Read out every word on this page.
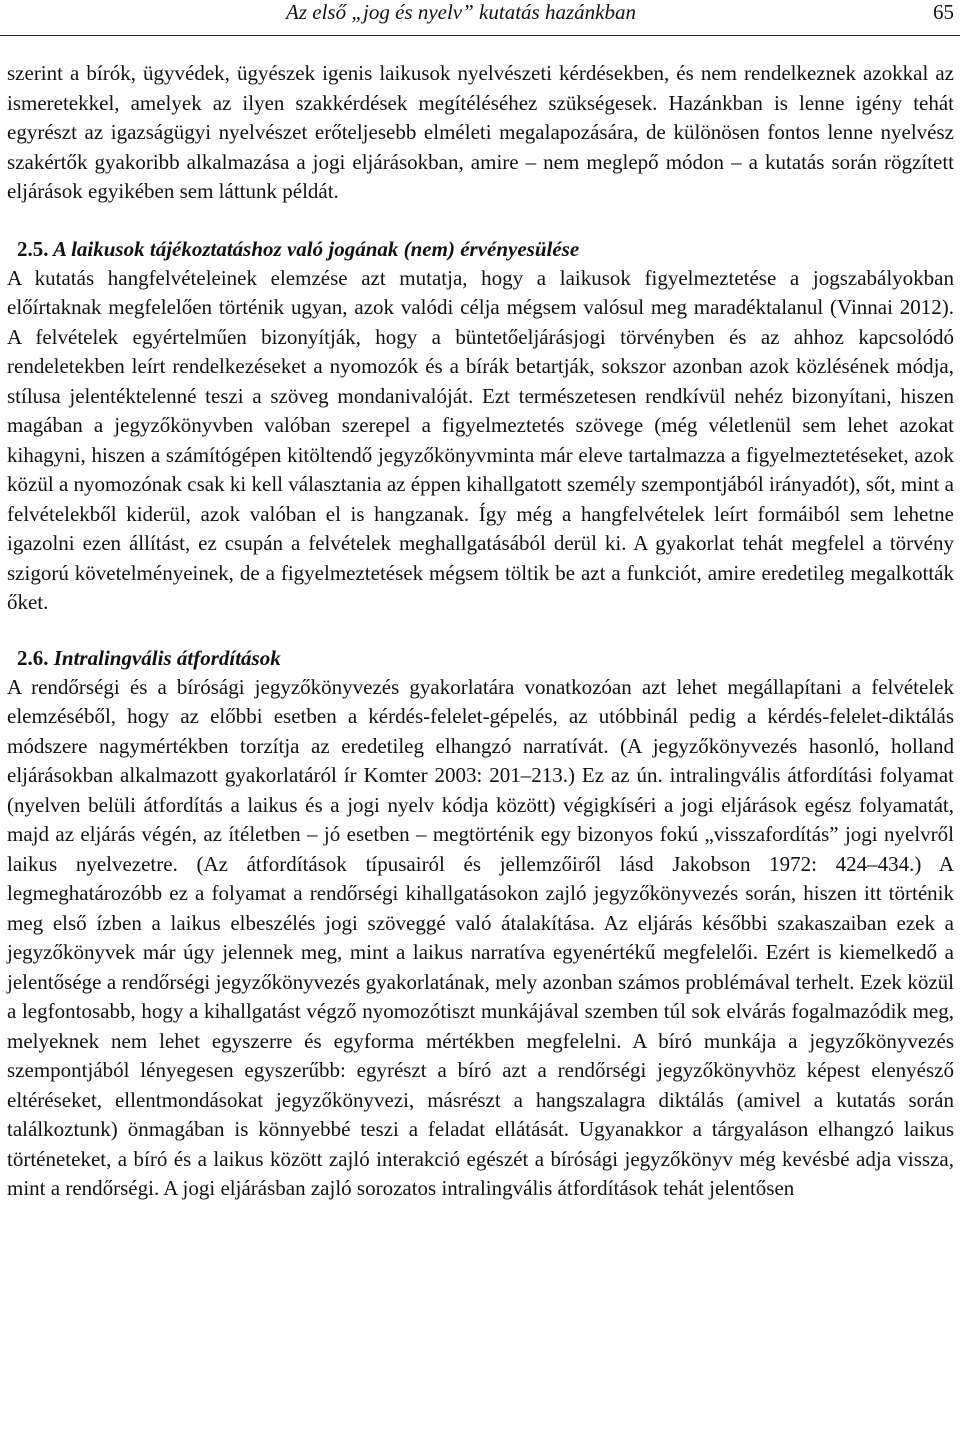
Az első „jog és nyelv” kutatás hazánkban	65

szerint a bírók, ügyvédek, ügyészek igenis laikusok nyelvészeti kérdésekben, és nem rendelkeznek azokkal az ismeretekkel, amelyek az ilyen szakkérdések megítéléséhez szükségesek. Hazánkban is lenne igény tehát egyrészt az igazságügyi nyelvészet erőteljesebb elméleti megalapozására, de különösen fontos lenne nyelvész szakértők gyakoribb alkalmazása a jogi eljárásokban, amire – nem meglepő módon – a kutatás során rögzített eljárások egyikében sem láttunk példát.

2.5. A laikusok tájékoztatáshoz való jogának (nem) érvényesülése

A kutatás hangfelvételeinek elemzése azt mutatja, hogy a laikusok figyelmeztetése a jogszabályokban előírtaknak megfelelően történik ugyan, azok valódi célja mégsem valósul meg maradéktalanul (Vinnai 2012). A felvételek egyértelműen bizonyítják, hogy a büntetőeljárásjogi törvényben és az ahhoz kapcsolódó rendeletekben leírt rendelkezéseket a nyomozók és a bírák betartják, sokszor azonban azok közlésének módja, stílusa jelentéktelenné teszi a szöveg mondanivalóját. Ezt természetesen rendkívül nehéz bizonyítani, hiszen magában a jegyzőkönyvben valóban szerepel a figyelmeztetés szövege (még véletlenül sem lehet azokat kihagyni, hiszen a számítógépen kitöltendő jegyzőkönyvminta már eleve tartalmazza a figyelmeztetéseket, azok közül a nyomozónak csak ki kell választania az éppen kihallgatott személy szempontjából irányadót), sőt, mint a felvételekből kiderül, azok valóban el is hangzanak. Így még a hangfelvételek leírt formáiból sem lehetne igazolni ezen állítást, ez csupán a felvételek meghallgatásából derül ki. A gyakorlat tehát megfelel a törvény szigorú követelményeinek, de a figyelmeztetések mégsem töltik be azt a funkciót, amire eredetileg megalkották őket.

2.6. Intralingvális átfordítások

A rendőrségi és a bírósági jegyzőkönyvezés gyakorlatára vonatkozóan azt lehet megállapítani a felvételek elemzéséből, hogy az előbbi esetben a kérdés-felelet-gépelés, az utóbbinál pedig a kérdés-felelet-diktálás módszere nagymértékben torzítja az eredetileg elhangzó narratívát. (A jegyzőkönyvezés hasonló, holland eljárásokban alkalmazott gyakorlatáról ír Komter 2003: 201–213.) Ez az ún. intralingvális átfordítási folyamat (nyelven belüli átfordítás a laikus és a jogi nyelv kódja között) végigkíséri a jogi eljárások egész folyamatát, majd az eljárás végén, az ítéletben – jó esetben – megtörténik egy bizonyos fokú „visszafordítás” jogi nyelvről laikus nyelvezetre. (Az átfordítások típusairól és jellemzőiről lásd Jakobson 1972: 424–434.) A legmeghatározóbb ez a folyamat a rendőrségi kihallgatásokon zajló jegyzőkönyvezés során, hiszen itt történik meg első ízben a laikus elbeszélés jogi szöveggé való átalakítása. Az eljárás későbbi szakaszaiban ezek a jegyzőkönyvek már úgy jelennek meg, mint a laikus narratíva egyenértékű megfelelői. Ezért is kiemelkedő a jelentősége a rendőrségi jegyzőkönyvezés gyakorlatának, mely azonban számos problémával terhelt. Ezek közül a legfontosabb, hogy a kihallgatást végző nyomozótiszt munkájával szemben túl sok elvárás fogalmazódik meg, melyeknek nem lehet egyszerre és egyforma mértékben megfelelni. A bíró munkája a jegyzőkönyvezés szempontjából lényegesen egyszerűbb: egyrészt a bíró azt a rendőrségi jegyzőkönyvhöz képest elenyésző eltéréseket, ellentmondásokat jegyzőkönyvezi, másrészt a hangszalagra diktálás (amivel a kutatás során találkoztunk) önmagában is könnyebbé teszi a feladat ellátását. Ugyanakkor a tárgyaláson elhangzó laikus történeteket, a bíró és a laikus között zajló interakció egészét a bírósági jegyzőkönyv még kevésbé adja vissza, mint a rendőrségi. A jogi eljárásban zajló sorozatos intralingvális átfordítások tehát jelentősen
